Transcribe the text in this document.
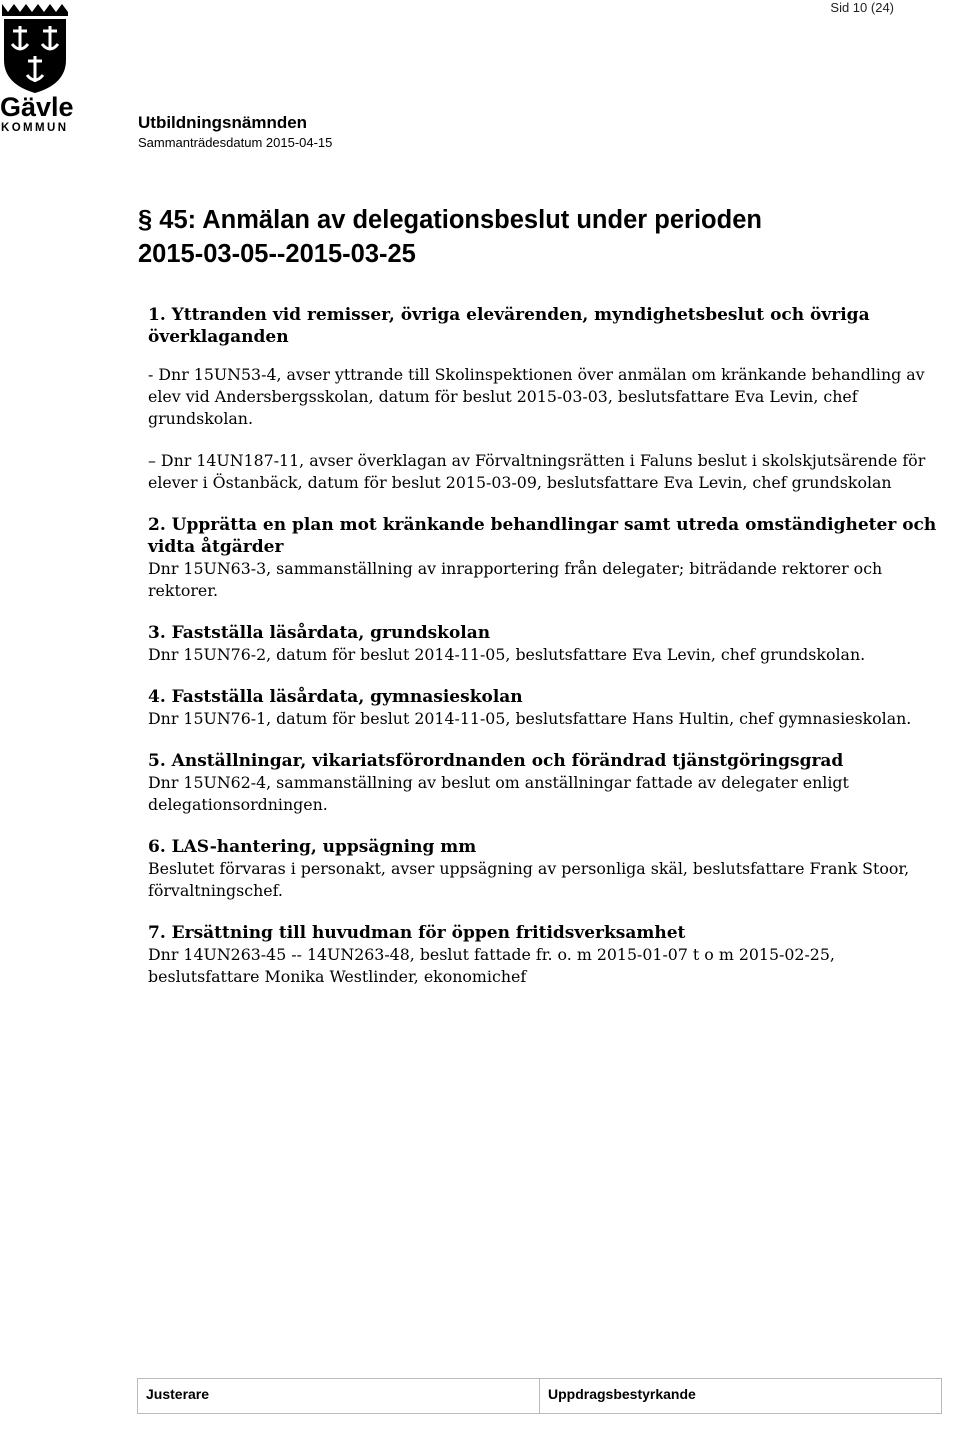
Sid 10 (24)
Gävle
KOMMUN	Utbildningsnämnden
Sammanträdesdatum 2015-04-15
§ 45: Anmälan av delegationsbeslut under perioden
2015-03-05--2015-03-25
1. Yttranden vid remisser, övriga elevärenden, myndighetsbeslut och övriga överklaganden

- Dnr 15UN53-4, avser yttrande till Skolinspektionen över anmälan om kränkande behandling av elev vid Andersbergsskolan, datum för beslut 2015-03-03, beslutsfattare Eva Levin, chef grundskolan.

– Dnr 14UN187-11, avser överklagan av Förvaltningsrätten i Faluns beslut i skolskjutsärende för elever i Östanbäck, datum för beslut 2015-03-09, beslutsfattare Eva Levin, chef grundskolan

2. Upprätta en plan mot kränkande behandlingar samt utreda omständigheter och vidta åtgärder

Dnr 15UN63-3, sammanställning av inrapportering från delegater; biträdande rektorer och rektorer.

3. Fastställa läsårdata, grundskolan

Dnr 15UN76-2, datum för beslut 2014-11-05, beslutsfattare Eva Levin, chef grundskolan.

4. Fastställa läsårdata, gymnasieskolan

Dnr 15UN76-1, datum för beslut 2014-11-05, beslutsfattare Hans Hultin, chef gymnasieskolan.

5. Anställningar, vikariatsförordnanden och förändrad tjänstgöringsgrad

Dnr 15UN62-4, sammanställning av beslut om anställningar fattade av delegater enligt delegationsordningen.

6. LAS-hantering, uppsägning mm

Beslutet förvaras i personakt, avser uppsägning av personliga skäl, beslutsfattare Frank Stoor, förvaltningschef.

7. Ersättning till huvudman för öppen fritidsverksamhet

Dnr 14UN263-45 -- 14UN263-48, beslut fattade fr. o. m 2015-01-07 t o m 2015-02-25, beslutsfattare Monika Westlinder, ekonomichef

Justerare	Uppdragsbestyrkande
